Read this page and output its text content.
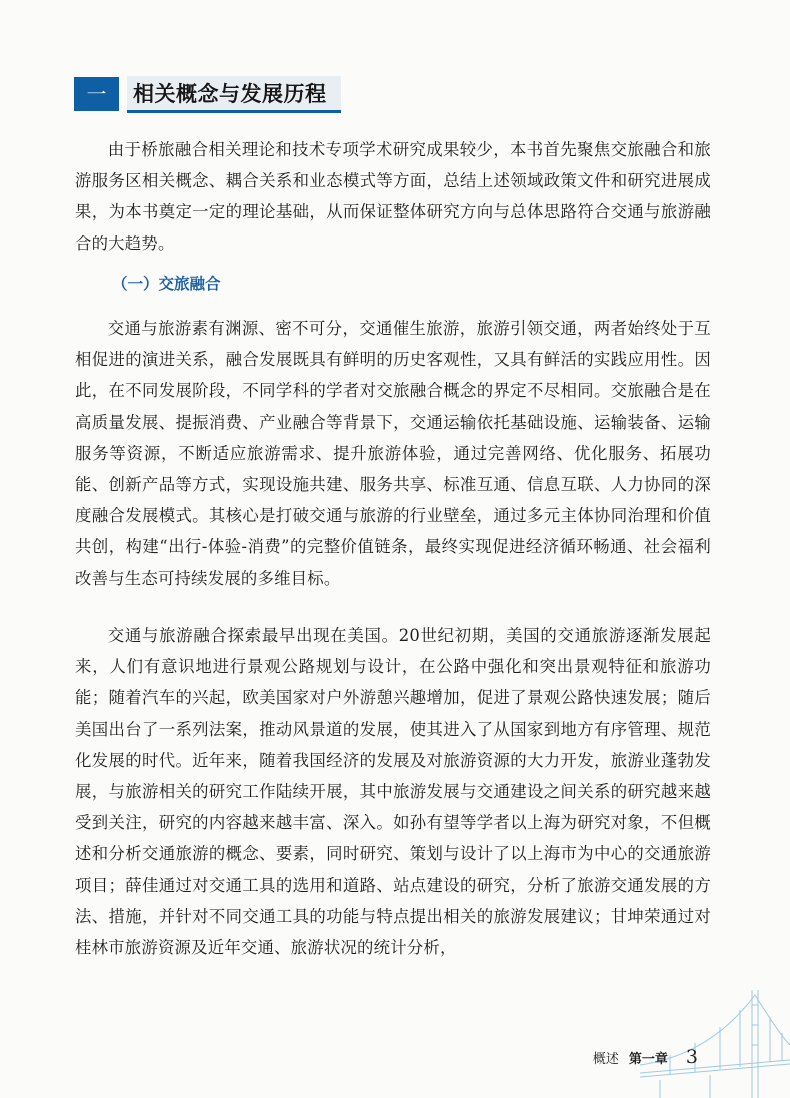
一	相关概念与发展历程

由于桥旅融合相关理论和技术专项学术研究成果较少，本书首先聚焦交旅融合和旅游服务区相关概念、耦合关系和业态模式等方面，总结上述领域政策文件和研究进展成果，为本书奠定一定的理论基础，从而保证整体研究方向与总体思路符合交通与旅游融合的大趋势。

（一）交旅融合

交通与旅游素有渊源、密不可分，交通催生旅游，旅游引领交通，两者始终处于互相促进的演进关系，融合发展既具有鲜明的历史客观性，又具有鲜活的实践应用性。因此，在不同发展阶段，不同学科的学者对交旅融合概念的界定不尽相同。交旅融合是在高质量发展、提振消费、产业融合等背景下，交通运输依托基础设施、运输装备、运输服务等资源，不断适应旅游需求、提升旅游体验，通过完善网络、优化服务、拓展功能、创新产品等方式，实现设施共建、服务共享、标准互通、信息互联、人力协同的深度融合发展模式。其核心是打破交通与旅游的行业壁垒，通过多元主体协同治理和价值共创，构建“出行-体验-消费”的完整价值链条，最终实现促进经济循环畅通、社会福利改善与生态可持续发展的多维目标。

交通与旅游融合探索最早出现在美国。20世纪初期，美国的交通旅游逐渐发展起来，人们有意识地进行景观公路规划与设计，在公路中强化和突出景观特征和旅游功能；随着汽车的兴起，欧美国家对户外游憩兴趣增加，促进了景观公路快速发展；随后美国出台了一系列法案，推动风景道的发展，使其进入了从国家到地方有序管理、规范化发展的时代。近年来，随着我国经济的发展及对旅游资源的大力开发，旅游业蓬勃发展，与旅游相关的研究工作陆续开展，其中旅游发展与交通建设之间关系的研究越来越受到关注，研究的内容越来越丰富、深入。如孙有望等学者以上海为研究对象，不但概述和分析交通旅游的概念、要素，同时研究、策划与设计了以上海市为中心的交通旅游项目；薛佳通过对交通工具的选用和道路、站点建设的研究，分析了旅游交通发展的方法、措施，并针对不同交通工具的功能与特点提出相关的旅游发展建议；甘坤荣通过对桂林市旅游资源及近年交通、旅游状况的统计分析，

概述 第一章 3
